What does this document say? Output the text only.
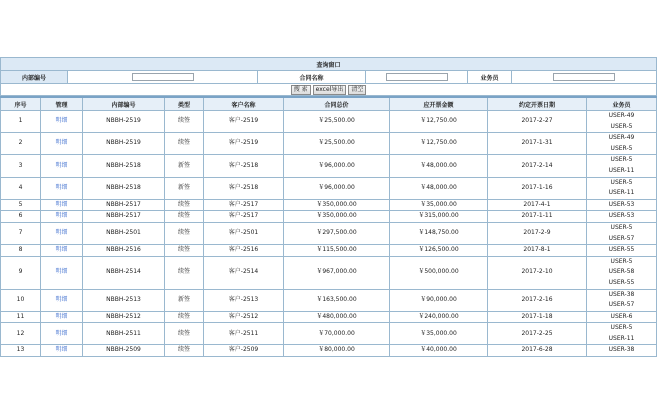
查询窗口
内部编号		合同名称		业务员	
搜 索 excel导出 清空
序号	管理	内部编号	类型	客户名称	合同总价	应开票金额	约定开票日期	业务员
1	明细	NBBH-2519	续签	客户-2519	￥25,500.00	￥12,750.00	2017-2-27	USER-49
USER-5

2	明细	NBBH-2519	续签	客户-2519	￥25,500.00	￥12,750.00	2017-1-31	USER-49
USER-5

3	明细	NBBH-2518	新签	客户-2518	￥96,000.00	￥48,000.00	2017-2-14	USER-5
USER-11

4	明细	NBBH-2518	新签	客户-2518	￥96,000.00	￥48,000.00	2017-1-16	USER-5
USER-11

5	明细	NBBH-2517	续签	客户-2517	￥350,000.00	￥35,000.00	2017-4-1	USER-53

6	明细	NBBH-2517	续签	客户-2517	￥350,000.00	￥315,000.00	2017-1-11	USER-53

7	明细	NBBH-2501	续签	客户-2501	￥297,500.00	￥148,750.00	2017-2-9	USER-5
USER-57

8	明细	NBBH-2516	续签	客户-2516	￥115,500.00	￥126,500.00	2017-8-1	USER-55

9	明细	NBBH-2514	续签	客户-2514	￥967,000.00	￥500,000.00	2017-2-10	USER-5
USER-58
USER-55

10	明细	NBBH-2513	新签	客户-2513	￥163,500.00	￥90,000.00	2017-2-16	USER-38
USER-57

11	明细	NBBH-2512	续签	客户-2512	￥480,000.00	￥240,000.00	2017-1-18	USER-6

12	明细	NBBH-2511	续签	客户-2511	￥70,000.00	￥35,000.00	2017-2-25	USER-5
USER-11

13	明细	NBBH-2509	续签	客户-2509	￥80,000.00	￥40,000.00	2017-6-28	USER-38
